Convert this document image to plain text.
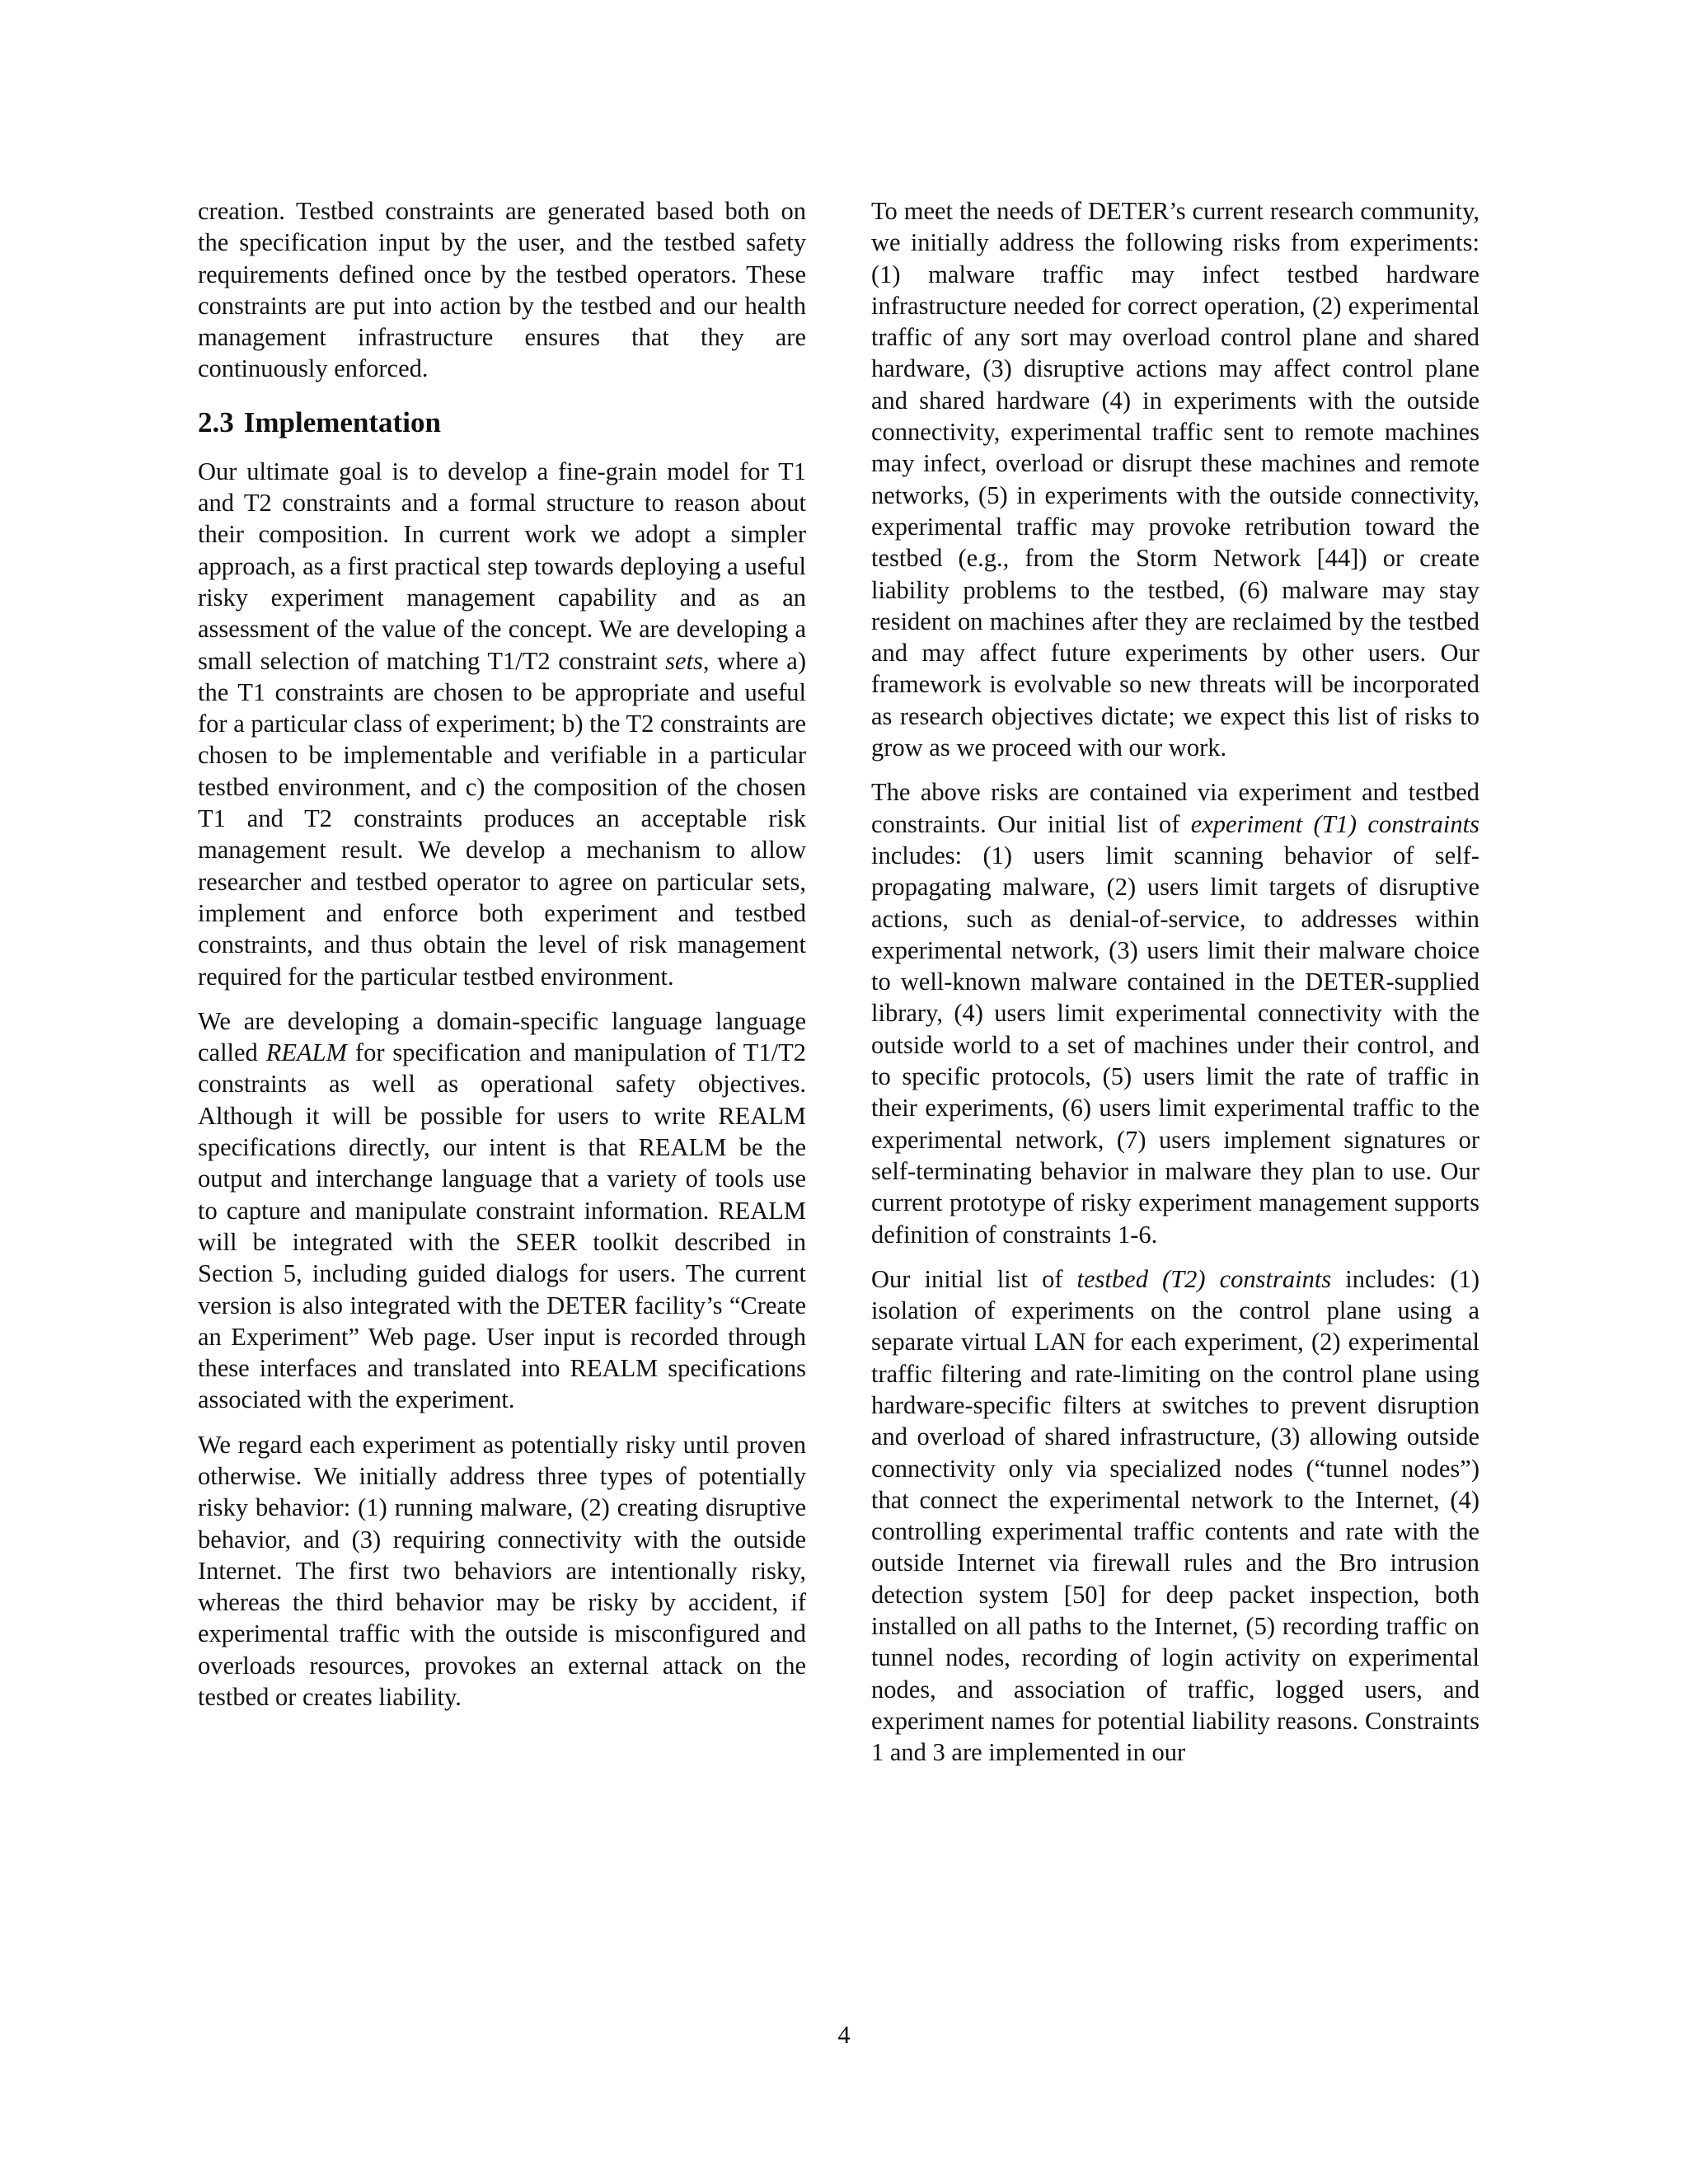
creation. Testbed constraints are generated based both on the specification input by the user, and the testbed safety requirements defined once by the testbed operators. These constraints are put into action by the testbed and our health management infrastructure ensures that they are continuously enforced.

2.3 Implementation

Our ultimate goal is to develop a fine-grain model for T1 and T2 constraints and a formal structure to reason about their composition. In current work we adopt a simpler approach, as a first practical step towards deploying a useful risky experiment management capability and as an assessment of the value of the concept. We are developing a small selection of matching T1/T2 constraint sets, where a) the T1 constraints are chosen to be appropriate and useful for a particular class of experiment; b) the T2 constraints are chosen to be implementable and verifiable in a particular testbed environment, and c) the composition of the chosen T1 and T2 constraints produces an acceptable risk management result. We develop a mechanism to allow researcher and testbed operator to agree on particular sets, implement and enforce both experiment and testbed constraints, and thus obtain the level of risk management required for the particular testbed environment.

We are developing a domain-specific language language called REALM for specification and manipulation of T1/T2 constraints as well as operational safety objectives. Although it will be possible for users to write REALM specifications directly, our intent is that REALM be the output and interchange language that a variety of tools use to capture and manipulate constraint information. REALM will be integrated with the SEER toolkit described in Section 5, including guided dialogs for users. The current version is also integrated with the DETER facility’s “Create an Experiment” Web page. User input is recorded through these interfaces and translated into REALM specifications associated with the experiment.

We regard each experiment as potentially risky until proven otherwise. We initially address three types of potentially risky behavior: (1) running malware, (2) creating disruptive behavior, and (3) requiring connectivity with the outside Internet. The first two behaviors are intentionally risky, whereas the third behavior may be risky by accident, if experimental traffic with the outside is misconfigured and overloads resources, provokes an external attack on the testbed or creates liability.

To meet the needs of DETER’s current research community, we initially address the following risks from experiments: (1) malware traffic may infect testbed hardware infrastructure needed for correct operation, (2) experimental traffic of any sort may overload control plane and shared hardware, (3) disruptive actions may affect control plane and shared hardware (4) in experiments with the outside connectivity, experimental traffic sent to remote machines may infect, overload or disrupt these machines and remote networks, (5) in experiments with the outside connectivity, experimental traffic may provoke retribution toward the testbed (e.g., from the Storm Network [44]) or create liability problems to the testbed, (6) malware may stay resident on machines after they are reclaimed by the testbed and may affect future experiments by other users. Our framework is evolvable so new threats will be incorporated as research objectives dictate; we expect this list of risks to grow as we proceed with our work.

The above risks are contained via experiment and testbed constraints. Our initial list of experiment (T1) constraints includes: (1) users limit scanning behavior of self-propagating malware, (2) users limit targets of disruptive actions, such as denial-of-service, to addresses within experimental network, (3) users limit their malware choice to well-known malware contained in the DETER-supplied library, (4) users limit experimental connectivity with the outside world to a set of machines under their control, and to specific protocols, (5) users limit the rate of traffic in their experiments, (6) users limit experimental traffic to the experimental network, (7) users implement signatures or self-terminating behavior in malware they plan to use. Our current prototype of risky experiment management supports definition of constraints 1-6.

Our initial list of testbed (T2) constraints includes: (1) isolation of experiments on the control plane using a separate virtual LAN for each experiment, (2) experimental traffic filtering and rate-limiting on the control plane using hardware-specific filters at switches to prevent disruption and overload of shared infrastructure, (3) allowing outside connectivity only via specialized nodes (“tunnel nodes”) that connect the experimental network to the Internet, (4) controlling experimental traffic contents and rate with the outside Internet via firewall rules and the Bro intrusion detection system [50] for deep packet inspection, both installed on all paths to the Internet, (5) recording traffic on tunnel nodes, recording of login activity on experimental nodes, and association of traffic, logged users, and experiment names for potential liability reasons. Constraints 1 and 3 are implemented in our

4
